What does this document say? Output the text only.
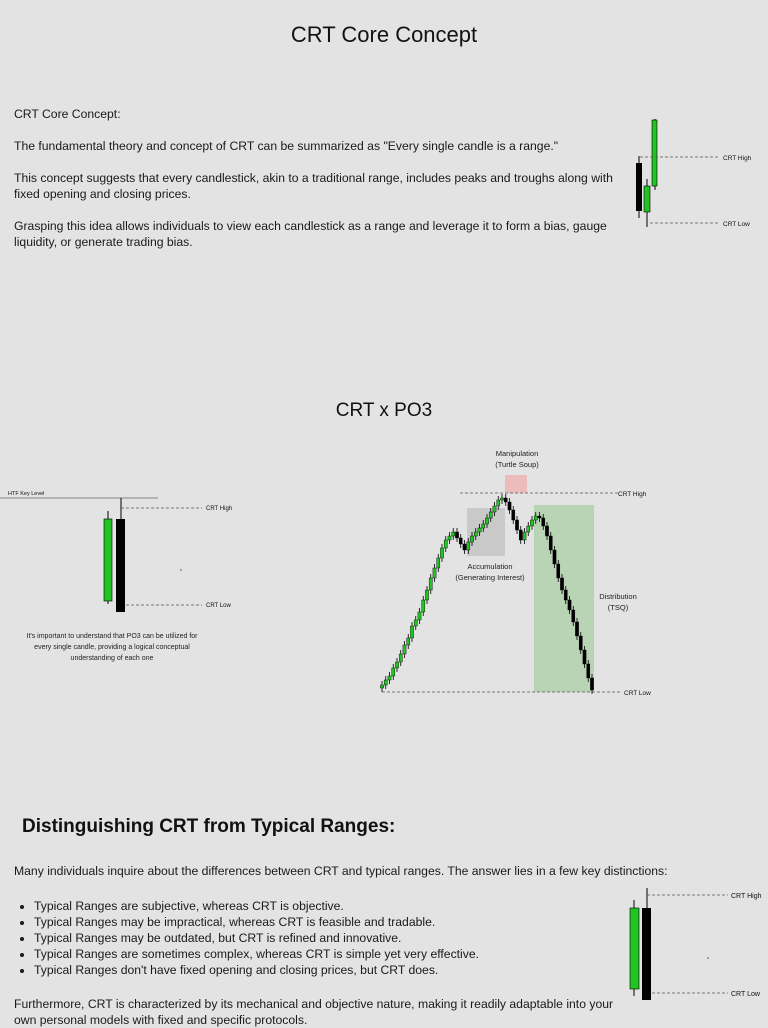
CRT Core Concept
CRT Core Concept:
The fundamental theory and concept of CRT can be summarized as "Every single candle is a range."
This concept suggests that every candlestick, akin to a traditional range, includes peaks and troughs along with
fixed opening and closing prices.
Grasping this idea allows individuals to view each candlestick as a range and leverage it to form a bias, gauge
liquidity, or generate trading bias.
CRT High
CRT Low
CRT x PO3
HTF Key Level
CRT High
CRT Low
It's important to understand that PO3 can be utilized for
every single candle, providing a logical conceptual
understanding of each one
Manipulation
(Turtle Soup)
Accumulation
(Generating Interest)
Distribution
(TSQ)
CRT High
CRT Low
Distinguishing CRT from Typical Ranges:
Many individuals inquire about the differences between CRT and typical ranges. The answer lies in a few key distinctions:
• Typical Ranges are subjective, whereas CRT is objective.
• Typical Ranges may be impractical, whereas CRT is feasible and tradable.
• Typical Ranges may be outdated, but CRT is refined and innovative.
• Typical Ranges are sometimes complex, whereas CRT is simple yet very effective.
• Typical Ranges don't have fixed opening and closing prices, but CRT does.
Furthermore, CRT is characterized by its mechanical and objective nature, making it readily adaptable into your
own personal models with fixed and specific protocols.
CRT High
CRT Low
